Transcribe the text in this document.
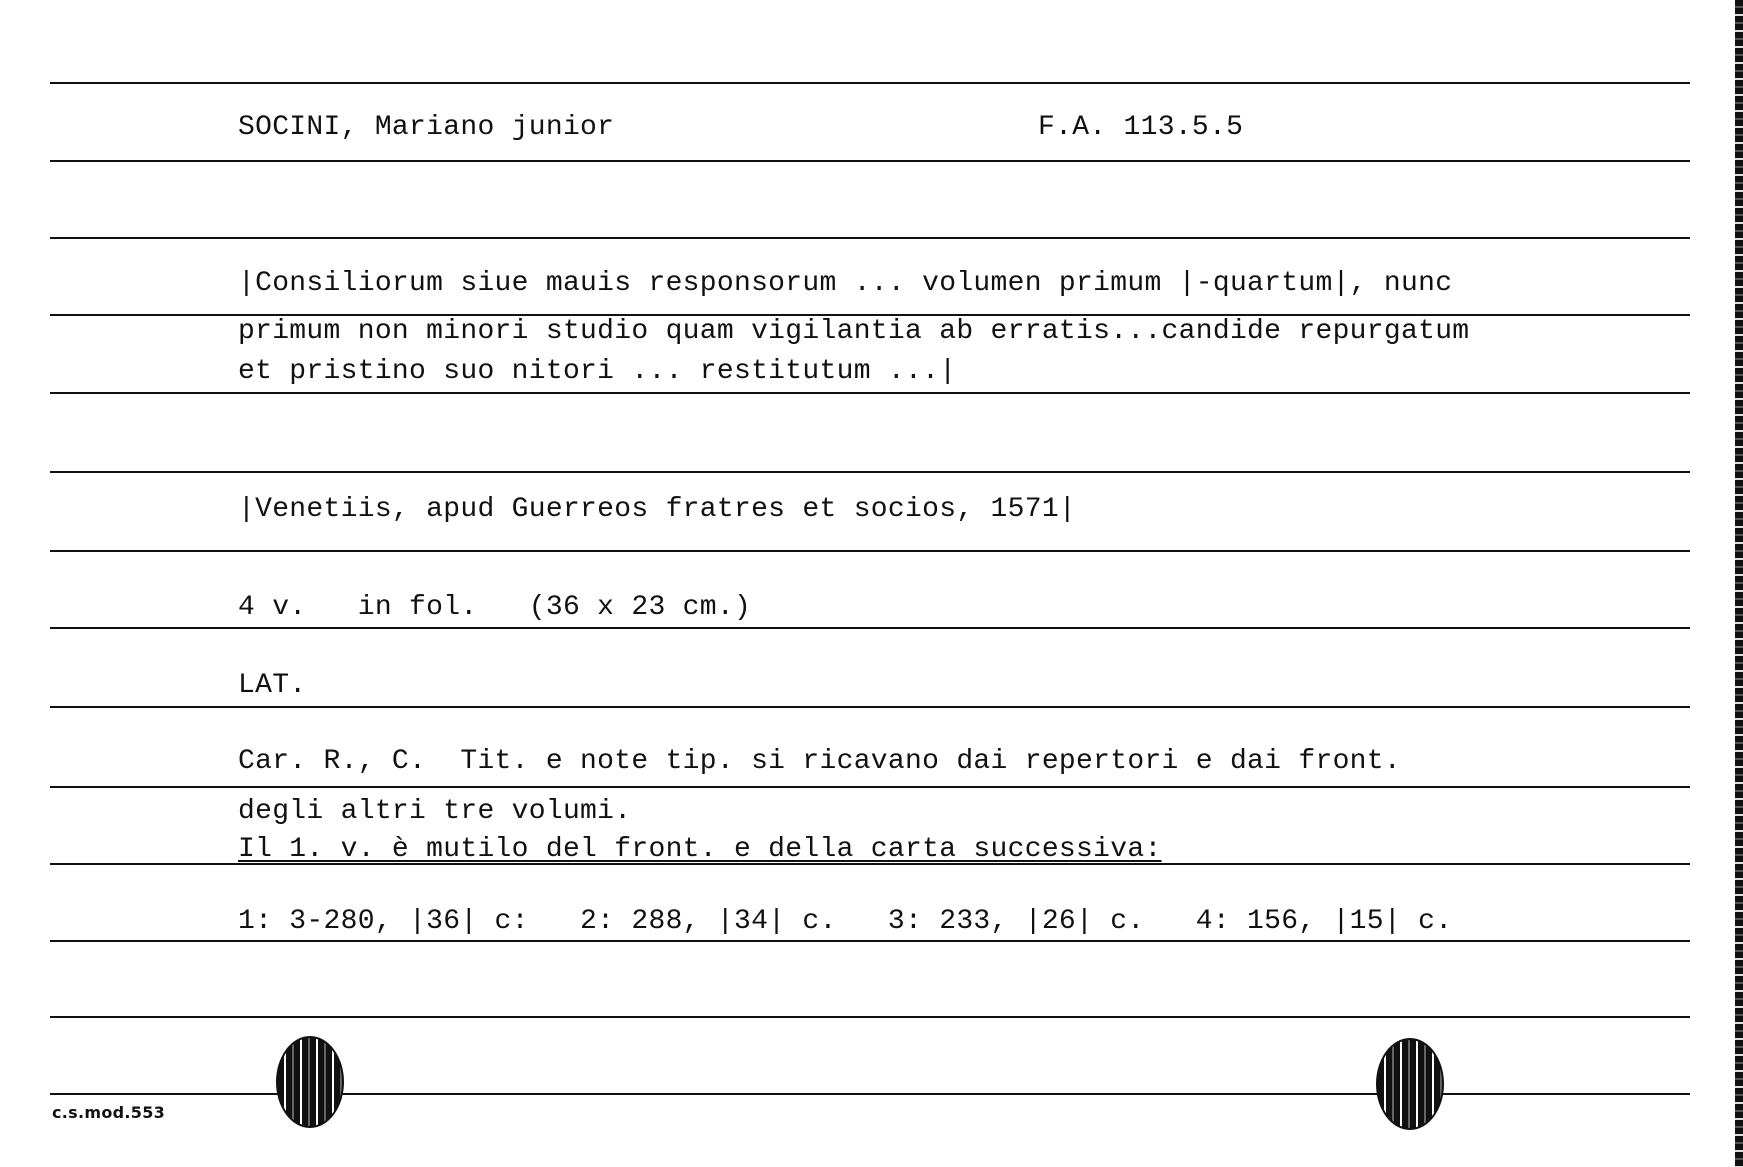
SOCINI, Mariano junior	F.A. 113.5.5
|Consiliorum siue mauis responsorum ... volumen primum |-quartum|, nunc
primum non minori studio quam vigilantia ab erratis...candide repurgatum
et pristino suo nitori ... restitutum ...|
|Venetiis, apud Guerreos fratres et socios, 1571|
4 v.   in fol.   (36 x 23 cm.)
LAT.
Car. R., C.  Tit. e note tip. si ricavano dai repertori e dai front.
degli altri tre volumi.
Il 1. v. è mutilo del front. e della carta successiva:
1: 3-280, |36| c:   2: 288, |34| c.   3: 233, |26| c.   4: 156, |15| c.
c.s.mod.553
